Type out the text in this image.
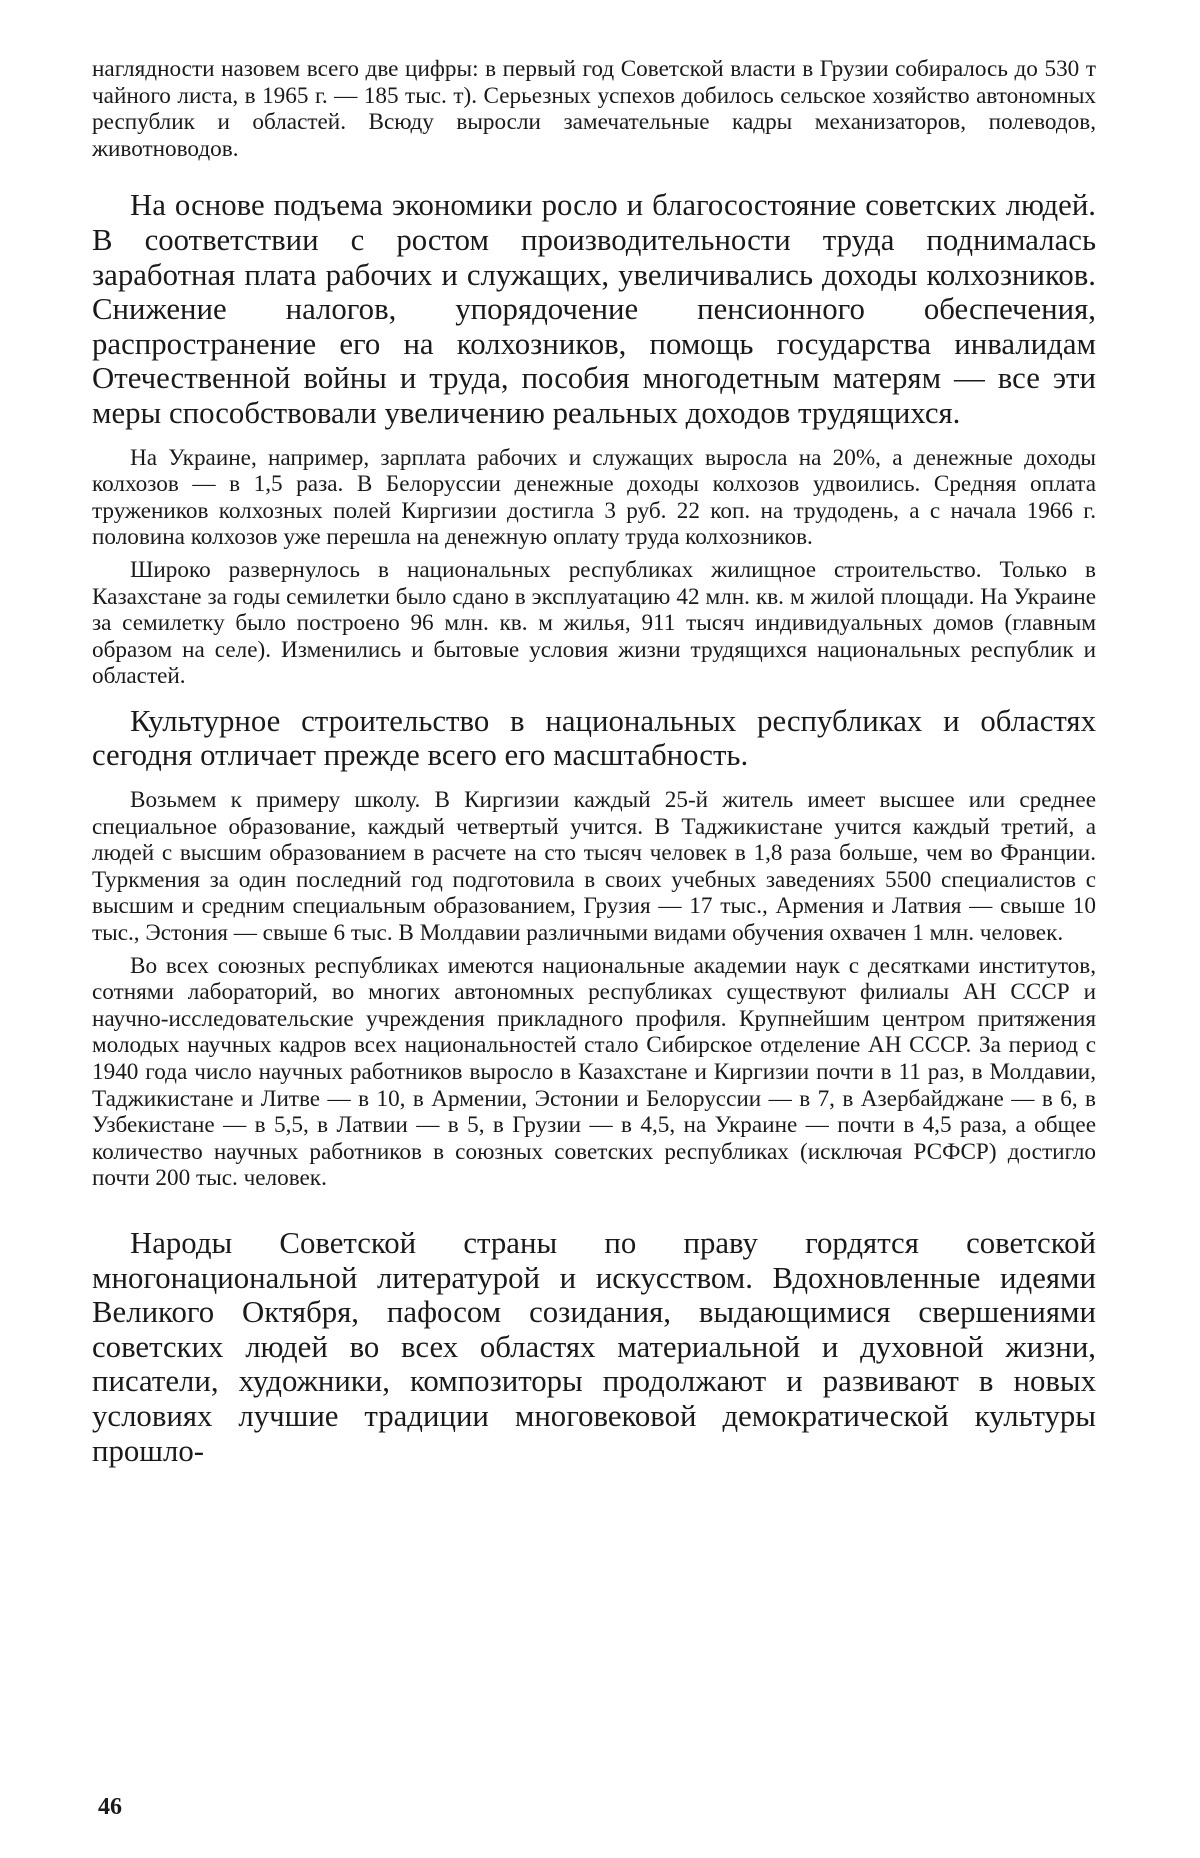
наглядности назовем всего две цифры: в первый год Советской власти в Грузии собиралось до 530 т чайного листа, в 1965 г. — 185 тыс. т). Серьезных успехов добилось сельское хозяйство автономных республик и областей. Всюду выросли замечательные кадры механизаторов, полеводов, животноводов.

На основе подъема экономики росло и благосостояние советских людей. В соответствии с ростом производительности труда поднималась заработная плата рабочих и служащих, увеличивались доходы колхозников. Снижение налогов, упорядочение пенсионного обеспечения, распространение его на колхозников, помощь государства инвалидам Отечественной войны и труда, пособия многодетным матерям — все эти меры способствовали увеличению реальных доходов трудящихся.

На Украине, например, зарплата рабочих и служащих выросла на 20%, а денежные доходы колхозов — в 1,5 раза. В Белоруссии денежные доходы колхозов удвоились. Средняя оплата тружеников колхозных полей Киргизии достигла 3 руб. 22 коп. на трудодень, а с начала 1966 г. половина колхозов уже перешла на денежную оплату труда колхозников.

Широко развернулось в национальных республиках жилищное строительство. Только в Казахстане за годы семилетки было сдано в эксплуатацию 42 млн. кв. м жилой площади. На Украине за семилетку было построено 96 млн. кв. м жилья, 911 тысяч индивидуальных домов (главным образом на селе). Изменились и бытовые условия жизни трудящихся национальных республик и областей.

Культурное строительство в национальных республиках и областях сегодня отличает прежде всего его масштабность.

Возьмем к примеру школу. В Киргизии каждый 25-й житель имеет высшее или среднее специальное образование, каждый четвертый учится. В Таджикистане учится каждый третий, а людей с высшим образованием в расчете на сто тысяч человек в 1,8 раза больше, чем во Франции. Туркмения за один последний год подготовила в своих учебных заведениях 5500 специалистов с высшим и средним специальным образованием, Грузия — 17 тыс., Армения и Латвия — свыше 10 тыс., Эстония — свыше 6 тыс. В Молдавии различными видами обучения охвачен 1 млн. человек.

Во всех союзных республиках имеются национальные академии наук с десятками институтов, сотнями лабораторий, во многих автономных республиках существуют филиалы АН СССР и научно-исследовательские учреждения прикладного профиля. Крупнейшим центром притяжения молодых научных кадров всех национальностей стало Сибирское отделение АН СССР. За период с 1940 года число научных работников выросло в Казахстане и Киргизии почти в 11 раз, в Молдавии, Таджикистане и Литве — в 10, в Армении, Эстонии и Белоруссии — в 7, в Азербайджане — в 6, в Узбекистане — в 5,5, в Латвии — в 5, в Грузии — в 4,5, на Украине — почти в 4,5 раза, а общее количество научных работников в союзных советских республиках (исключая РСФСР) достигло почти 200 тыс. человек.

Народы Советской страны по праву гордятся советской многонациональной литературой и искусством. Вдохновленные идеями Великого Октября, пафосом созидания, выдающимися свершениями советских людей во всех областях материальной и духовной жизни, писатели, художники, композиторы продолжают и развивают в новых условиях лучшие традиции многовековой демократической культуры прошло-

46
